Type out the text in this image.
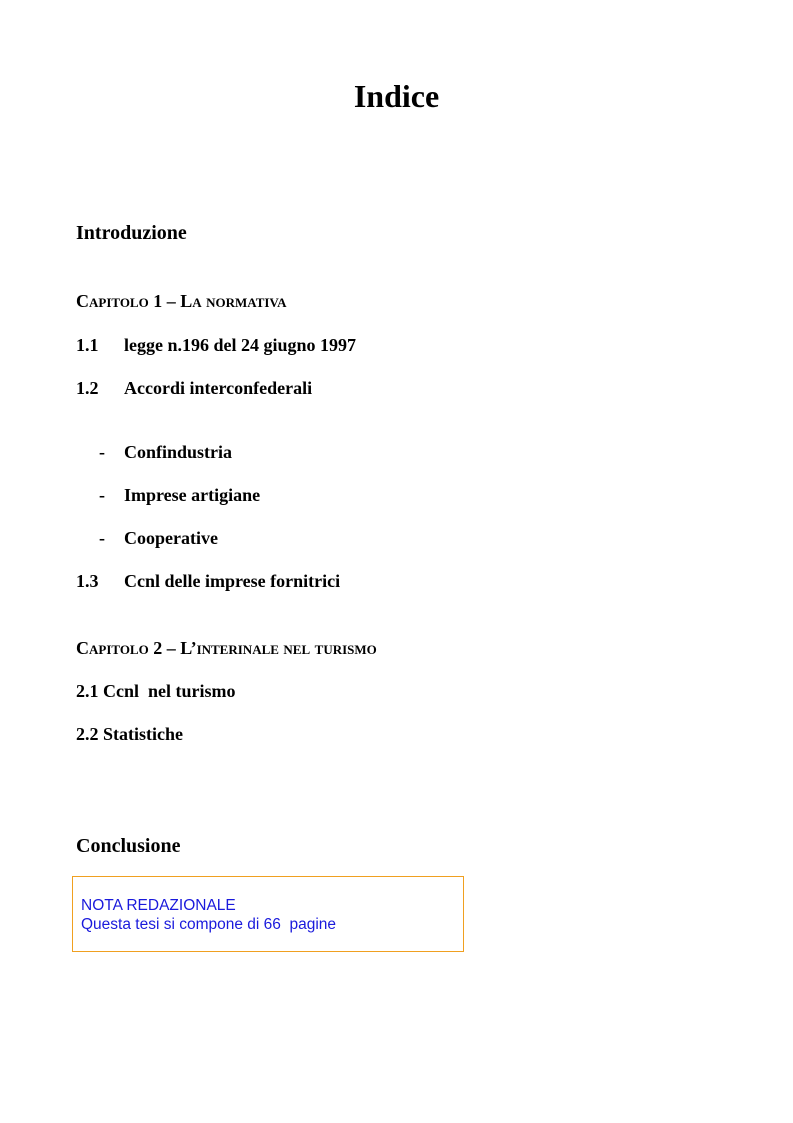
Indice
Introduzione
Capitolo 1 – La normativa
1.1 legge n.196 del 24 giugno 1997
1.2 Accordi interconfederali
- Confindustria
- Imprese artigiane
- Cooperative
1.3 Ccnl delle imprese fornitrici
Capitolo 2 – L’interinale nel turismo
2.1 Ccnl  nel turismo
2.2 Statistiche
Conclusione
NOTA REDAZIONALE
Questa tesi si compone di 66  pagine
